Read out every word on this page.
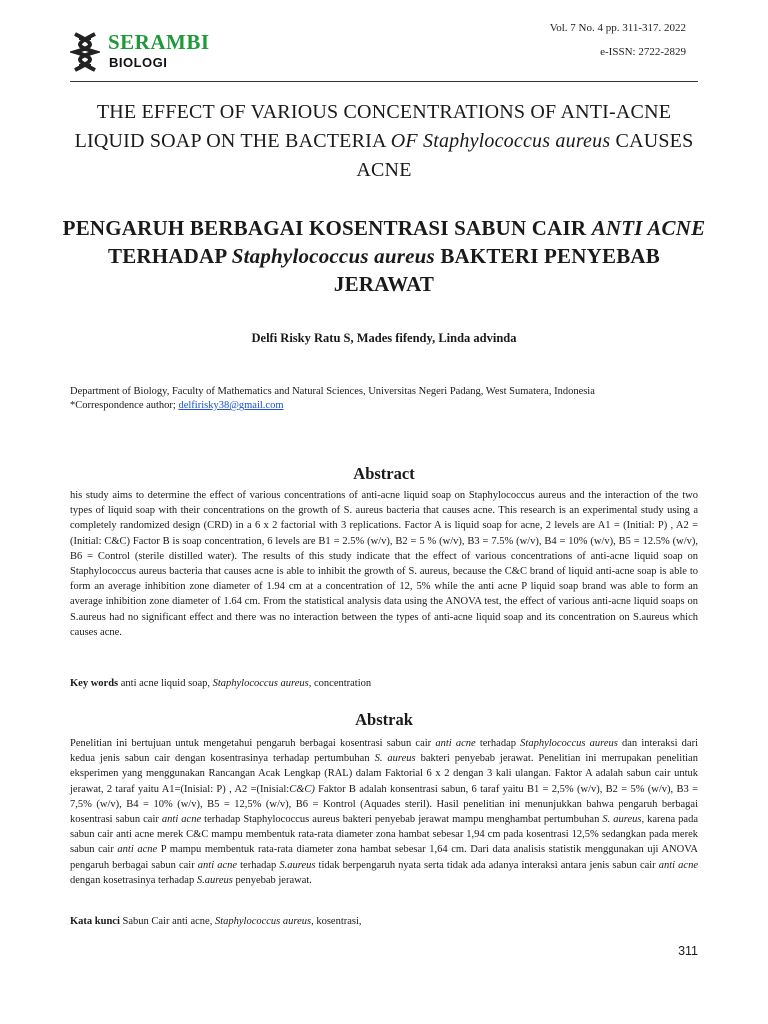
SERAMBI
BIOLOGI
Vol. 7 No. 4 pp. 311-317. 2022
e-ISSN: 2722-2829
THE EFFECT OF VARIOUS CONCENTRATIONS OF ANTI-ACNE LIQUID SOAP ON THE BACTERIA OF Staphylococcus aureus CAUSES ACNE
PENGARUH BERBAGAI KOSENTRASI SABUN CAIR ANTI ACNE TERHADAP Staphylococcus aureus BAKTERI PENYEBAB JERAWAT
Delfi Risky Ratu S, Mades fifendy, Linda advinda
Department of Biology, Faculty of Mathematics and Natural Sciences, Universitas Negeri Padang, West Sumatera, Indonesia
*Correspondence author; delfirisky38@gmail.com
Abstract
his study aims to determine the effect of various concentrations of anti-acne liquid soap on Staphylococcus aureus and the interaction of the two types of liquid soap with their concentrations on the growth of S. aureus bacteria that causes acne. This research is an experimental study using a completely randomized design (CRD) in a 6 x 2 factorial with 3 replications. Factor A is liquid soap for acne, 2 levels are A1 = (Initial: P) , A2 = (Initial: C&C) Factor B is soap concentration, 6 levels are B1 = 2.5% (w/v), B2 = 5 % (w/v), B3 = 7.5% (w/v), B4 = 10% (w/v), B5 = 12.5% (w/v), B6 = Control (sterile distilled water). The results of this study indicate that the effect of various concentrations of anti-acne liquid soap on Staphylococcus aureus bacteria that causes acne is able to inhibit the growth of S. aureus, because the C&C brand of liquid anti-acne soap is able to form an average inhibition zone diameter of 1.94 cm at a concentration of 12, 5% while the anti acne P liquid soap brand was able to form an average inhibition zone diameter of 1.64 cm. From the statistical analysis data using the ANOVA test, the effect of various anti-acne liquid soaps on S.aureus had no significant effect and there was no interaction between the types of anti-acne liquid soap and its concentration on S.aureus which causes acne.
Key words anti acne liquid soap, Staphylococcus aureus, concentration
Abstrak
Penelitian ini bertujuan untuk mengetahui pengaruh berbagai kosentrasi sabun cair anti acne terhadap Staphylococcus aureus dan interaksi dari kedua jenis sabun cair dengan kosentrasinya terhadap pertumbuhan S. aureus bakteri penyebab jerawat. Penelitian ini merrupakan penelitian eksperimen yang menggunakan Rancangan Acak Lengkap (RAL) dalam Faktorial 6 x 2 dengan 3 kali ulangan. Faktor A adalah sabun cair untuk jerawat, 2 taraf yaitu A1=(Inisial: P) , A2 =(Inisial:C&C) Faktor B adalah konsentrasi sabun, 6 taraf yaitu B1 = 2,5% (w/v), B2 = 5% (w/v), B3 = 7,5% (w/v), B4 = 10% (w/v), B5 = 12,5% (w/v), B6 = Kontrol (Aquades steril). Hasil penelitian ini menunjukkan bahwa pengaruh berbagai kosentrasi sabun cair anti acne terhadap Staphylococcus aureus bakteri penyebab jerawat mampu menghambat pertumbuhan S. aureus, karena pada sabun cair anti acne merek C&C mampu membentuk rata-rata diameter zona hambat sebesar 1,94 cm pada kosentrasi 12,5% sedangkan pada merek sabun cair anti acne P mampu membentuk rata-rata diameter zona hambat sebesar 1,64 cm. Dari data analisis statistik menggunakan uji ANOVA pengaruh berbagai sabun cair anti acne terhadap S.aureus tidak berpengaruh nyata serta tidak ada adanya interaksi antara jenis sabun cair anti acne dengan kosetrasinya terhadap S.aureus penyebab jerawat.
Kata kunci Sabun Cair anti acne, Staphylococcus aureus, kosentrasi,
311
